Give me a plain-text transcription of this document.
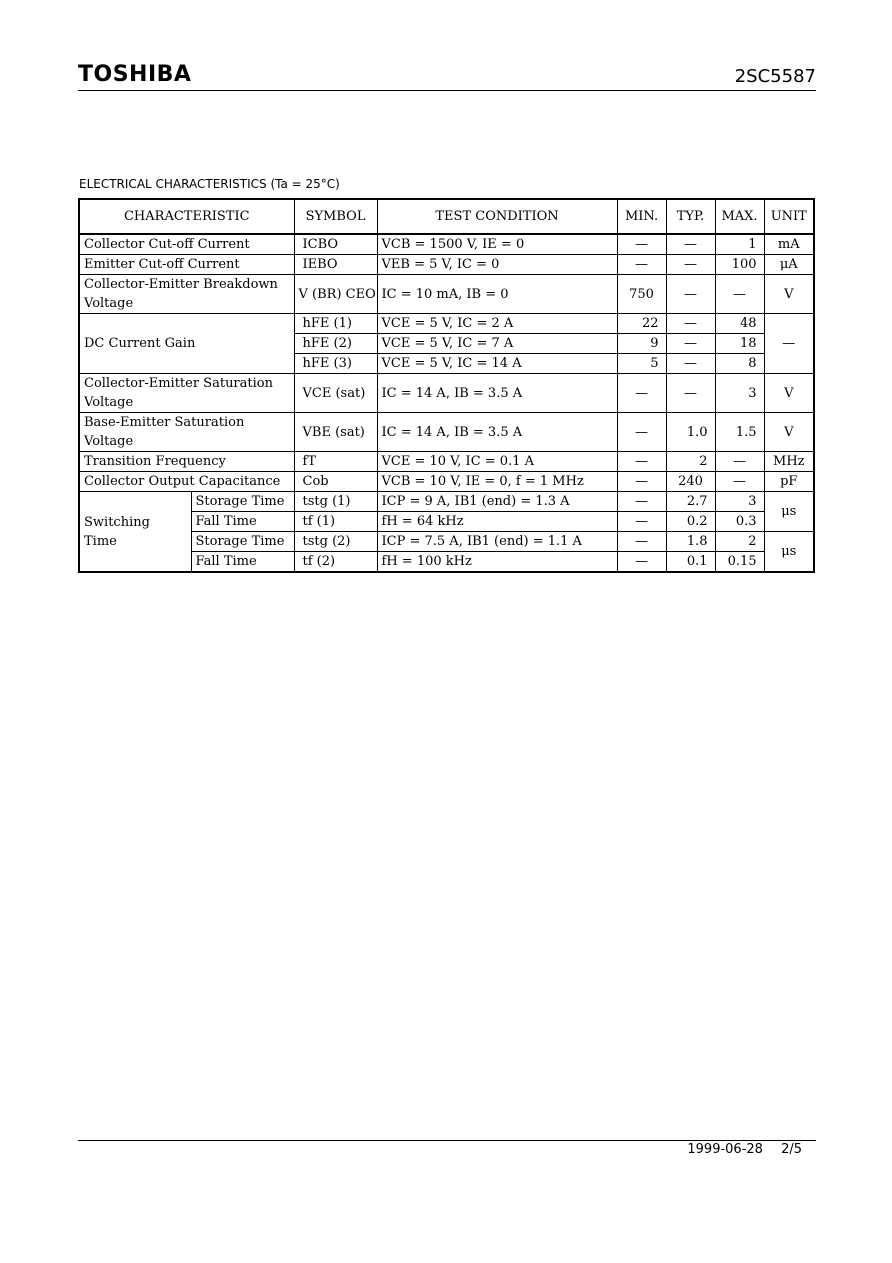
TOSHIBA	2SC5587
ELECTRICAL CHARACTERISTICS (Ta = 25°C)
CHARACTERISTIC		SYMBOL	TEST CONDITION	MIN.	TYP.	MAX.	UNIT
Collector Cut-off Current		ICBO	VCB = 1500 V, IE = 0	—	—	1	mA
Emitter Cut-off Current		IEBO	VEB = 5 V, IC = 0	—	—	100	μA
Collector-Emitter Breakdown Voltage		V (BR) CEO	IC = 10 mA, IB = 0	750	—	—	V
DC Current Gain		hFE (1)	VCE = 5 V, IC = 2 A	22	—	48	—
		hFE (2)	VCE = 5 V, IC = 7 A	9	—	18	
		hFE (3)	VCE = 5 V, IC = 14 A	5	—	8	
Collector-Emitter Saturation Voltage		VCE (sat)	IC = 14 A, IB = 3.5 A	—	—	3	V
Base-Emitter Saturation Voltage		VBE (sat)	IC = 14 A, IB = 3.5 A	—	1.0	1.5	V
Transition Frequency		fT	VCE = 10 V, IC = 0.1 A	—	2	—	MHz
Collector Output Capacitance		Cob	VCB = 10 V, IE = 0, f = 1 MHz	—	240	—	pF
Switching Time	Storage Time	tstg (1)	ICP = 9 A, IB1 (end) = 1.3 A	—	2.7	3	μs
	Fall Time	tf (1)	fH = 64 kHz	—	0.2	0.3	
	Storage Time	tstg (2)	ICP = 7.5 A, IB1 (end) = 1.1 A	—	1.8	2	μs
	Fall Time	tf (2)	fH = 100 kHz	—	0.1	0.15	
1999-06-28 2/5
